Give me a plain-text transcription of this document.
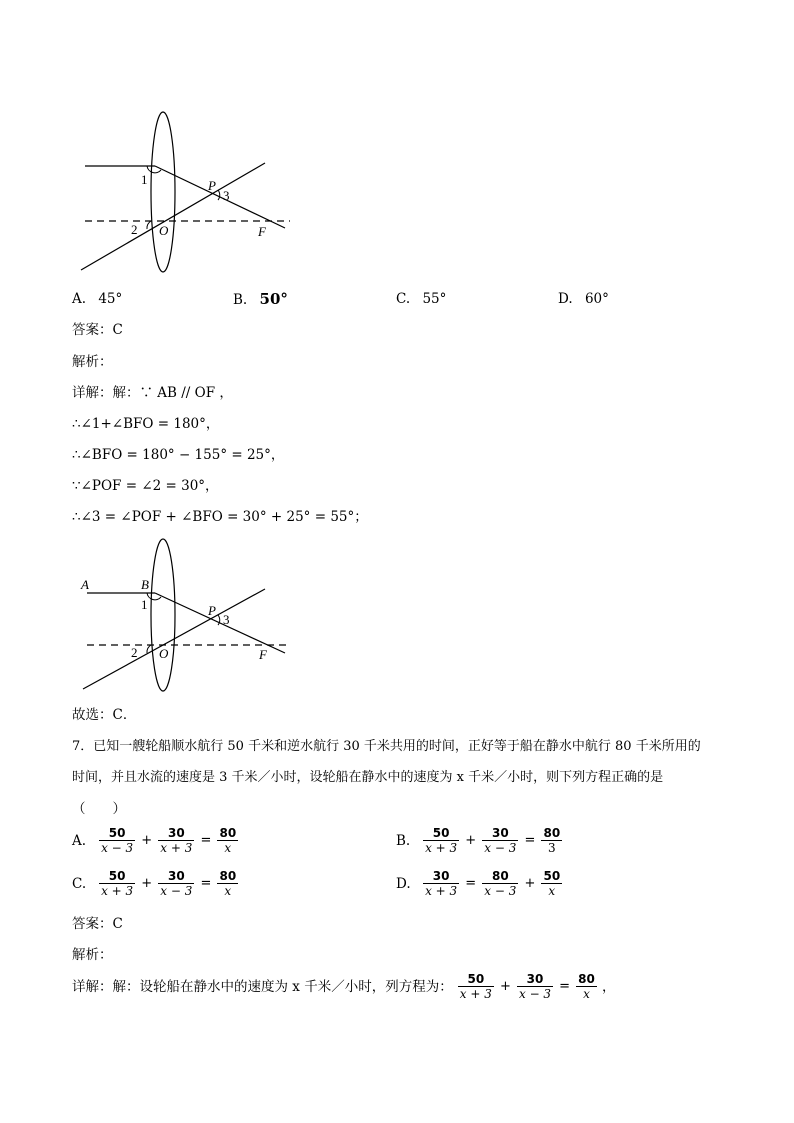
1
2 O
P
3
F
A. 45°	B. 50°	C. 55°	D. 60°
答案：C
解析：
详解：解：∵ AB // OF ，
∴∠1+∠BFO = 180°，
∴∠BFO = 180° − 155° = 25°，
∵∠POF = ∠2 = 30°，
∴∠3 = ∠POF + ∠BFO = 30° + 25° = 55°；
A	B
1
2 O
P
3
F
故选：C．
7．已知一艘轮船顺水航行 50 千米和逆水航行 30 千米共用的时间，正好等于船在静水中航行 80 千米所用的
时间，并且水流的速度是 3 千米／小时，设轮船在静水中的速度为 x 千米／小时，则下列方程正确的是
（　　）
A. $\frac{50}{x - 3} + \frac{30}{x + 3} = \frac{80}{x}$	B. $\frac{50}{x + 3} + \frac{30}{x - 3} = \frac{80}{3}$
C. $\frac{50}{x + 3} + \frac{30}{x - 3} = \frac{80}{x}$	D. $\frac{30}{x + 3} = \frac{80}{x - 3} + \frac{50}{x}$
答案：C
解析：
详解：解：设轮船在静水中的速度为 x 千米／小时，列方程为： $\frac{50}{x + 3} + \frac{30}{x - 3} = \frac{80}{x}$ ，
